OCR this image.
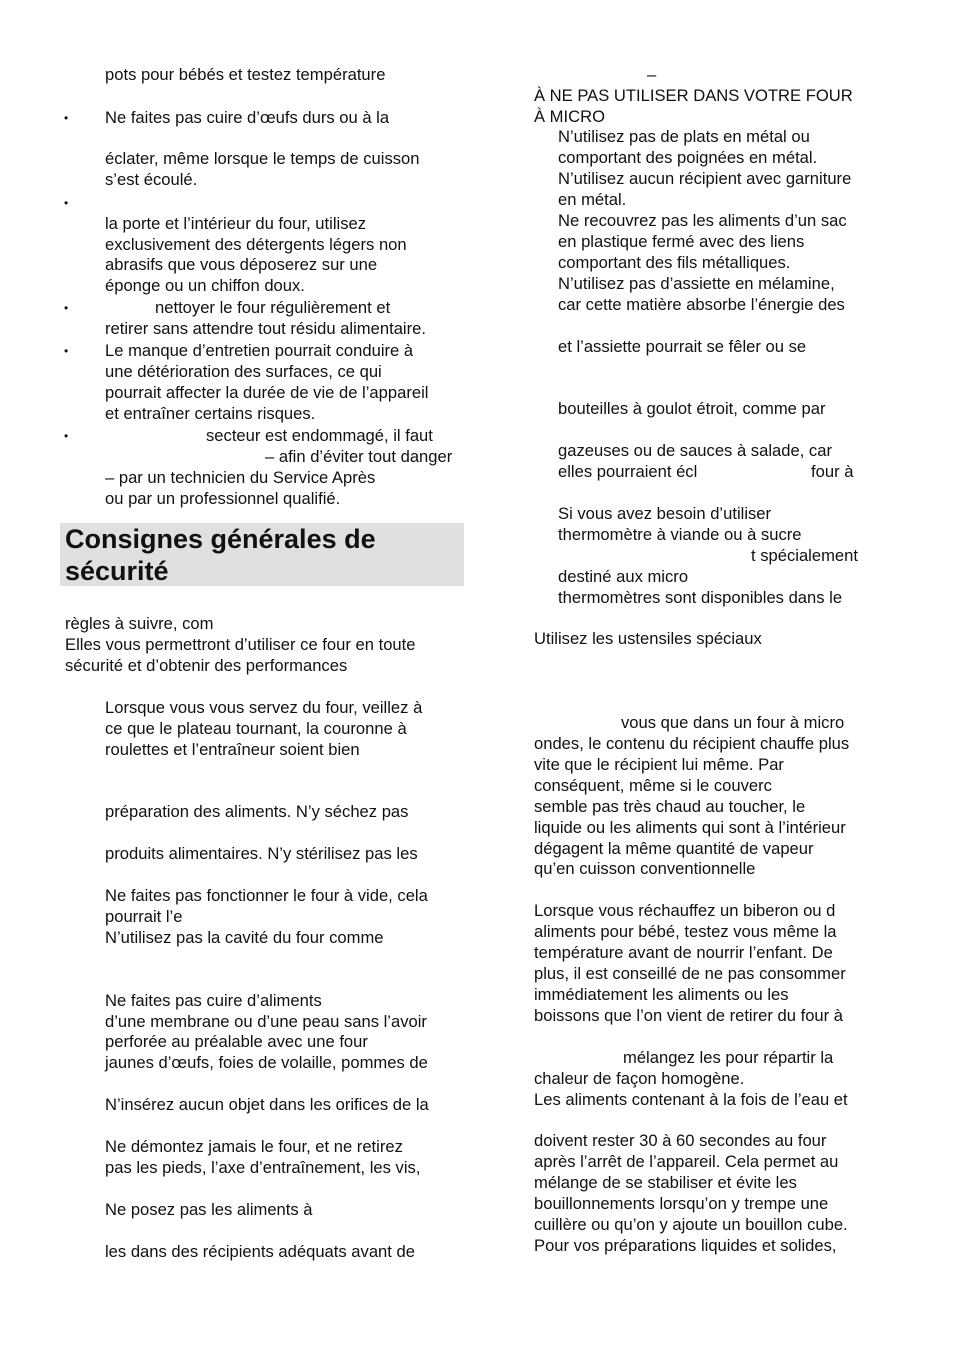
pots pour bébés et testez température
• Ne faites pas cuire d’œufs durs ou à la
éclater, même lorsque le temps de cuisson
s’est écoulé.
•
la porte et l’intérieur du four, utilisez
exclusivement des détergents légers non
abrasifs que vous déposerez sur une
éponge ou un chiffon doux.
•	nettoyer le four régulièrement et
retirer sans attendre tout résidu alimentaire.
• Le manque d’entretien pourrait conduire à
une détérioration des surfaces, ce qui
pourrait affecter la durée de vie de l’appareil
et entraîner certains risques.
•	secteur est endommagé, il faut
– afin d’éviter tout danger
– par un technicien du Service Après
ou par un professionnel qualifié.
Consignes générales de
sécurité
règles à suivre, com
Elles vous permettront d’utiliser ce four en toute
sécurité et d’obtenir des performances
Lorsque vous vous servez du four, veillez à
ce que le plateau tournant, la couronne à
roulettes et l’entraîneur soient bien
préparation des aliments. N’y séchez pas
produits alimentaires. N’y stérilisez pas les
Ne faites pas fonctionner le four à vide, cela
pourrait l’e
N’utilisez pas la cavité du four comme
Ne faites pas cuire d’aliments
d’une membrane ou d’une peau sans l’avoir
perforée au préalable avec une four
jaunes d’œufs, foies de volaille, pommes de
N’insérez aucun objet dans les orifices de la
Ne démontez jamais le four, et ne retirez
pas les pieds, l’axe d’entraînement, les vis,
Ne posez pas les aliments à
les dans des récipients adéquats avant de
–
À NE PAS UTILISER DANS VOTRE FOUR
À MICRO
N’utilisez pas de plats en métal ou
comportant des poignées en métal.
N’utilisez aucun récipient avec garniture
en métal.
Ne recouvrez pas les aliments d’un sac
en plastique fermé avec des liens
comportant des fils métalliques.
N’utilisez pas d’assiette en mélamine,
car cette matière absorbe l’énergie des
et l’assiette pourrait se fêler ou se
bouteilles à goulot étroit, comme par
gazeuses ou de sauces à salade, car
elles pourraient écl	four à
Si vous avez besoin d’utiliser
thermomètre à viande ou à sucre
t spécialement
destiné aux micro
thermomètres sont disponibles dans le
Utilisez les ustensiles spéciaux
vous que dans un four à micro
ondes, le contenu du récipient chauffe plus
vite que le récipient lui même. Par
conséquent, même si le couverc
semble pas très chaud au toucher, le
liquide ou les aliments qui sont à l’intérieur
dégagent la même quantité de vapeur
qu’en cuisson conventionnelle
Lorsque vous réchauffez un biberon ou d
aliments pour bébé, testez vous même la
température avant de nourrir l’enfant. De
plus, il est conseillé de ne pas consommer
immédiatement les aliments ou les
boissons que l’on vient de retirer du four à
mélangez les pour répartir la
chaleur de façon homogène.
Les aliments contenant à la fois de l’eau et
doivent rester 30 à 60 secondes au four
après l’arrêt de l’appareil. Cela permet au
mélange de se stabiliser et évite les
bouillonnements lorsqu’on y trempe une
cuillère ou qu’on y ajoute un bouillon cube.
Pour vos préparations liquides et solides,
